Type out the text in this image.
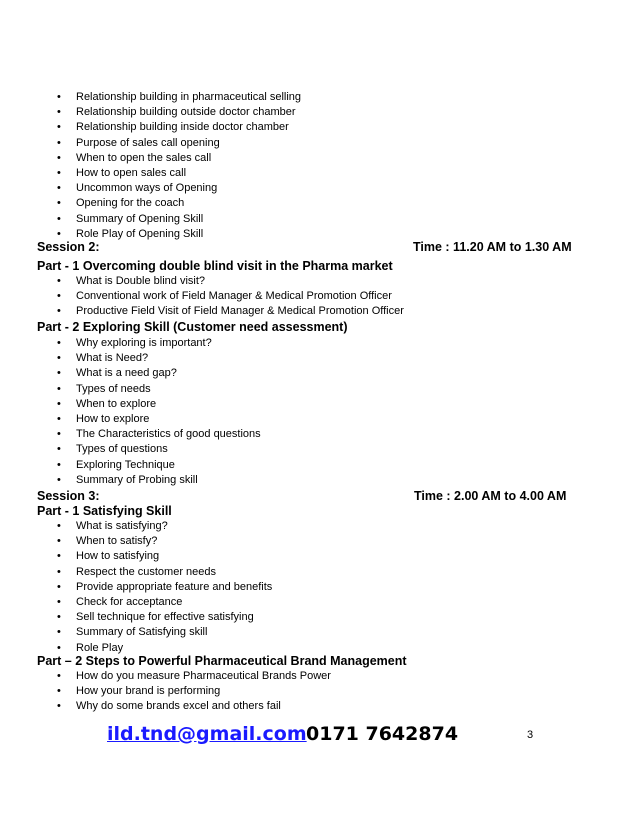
• Relationship building in pharmaceutical selling
• Relationship building outside doctor chamber
• Relationship building inside doctor chamber
• Purpose of sales call opening
• When to open the sales call
• How to open sales call
• Uncommon ways of Opening
• Opening for the coach
• Summary of Opening Skill
• Role Play of Opening Skill
Session 2:	Time : 11.20 AM to 1.30 AM
Part - 1 Overcoming double blind visit in the Pharma market
• What is Double blind visit?
• Conventional work of Field Manager & Medical Promotion Officer
• Productive Field Visit of Field Manager & Medical Promotion Officer
Part - 2 Exploring Skill (Customer need assessment)
• Why exploring is important?
• What is Need?
• What is a need gap?
• Types of needs
• When to explore
• How to explore
• The Characteristics of good questions
• Types of questions
• Exploring Technique
• Summary of Probing skill
Session 3:	Time : 2.00 AM to 4.00 AM
Part - 1 Satisfying Skill
• What is satisfying?
• When to satisfy?
• How to satisfying
• Respect the customer needs
• Provide appropriate feature and benefits
• Check for acceptance
• Sell technique for effective satisfying
• Summary of Satisfying skill
• Role Play
Part – 2 Steps to Powerful Pharmaceutical Brand Management
• How do you measure Pharmaceutical Brands Power
• How your brand is performing
• Why do some brands excel and others fail
ild.tnd@gmail.com 0171 7642874	3
